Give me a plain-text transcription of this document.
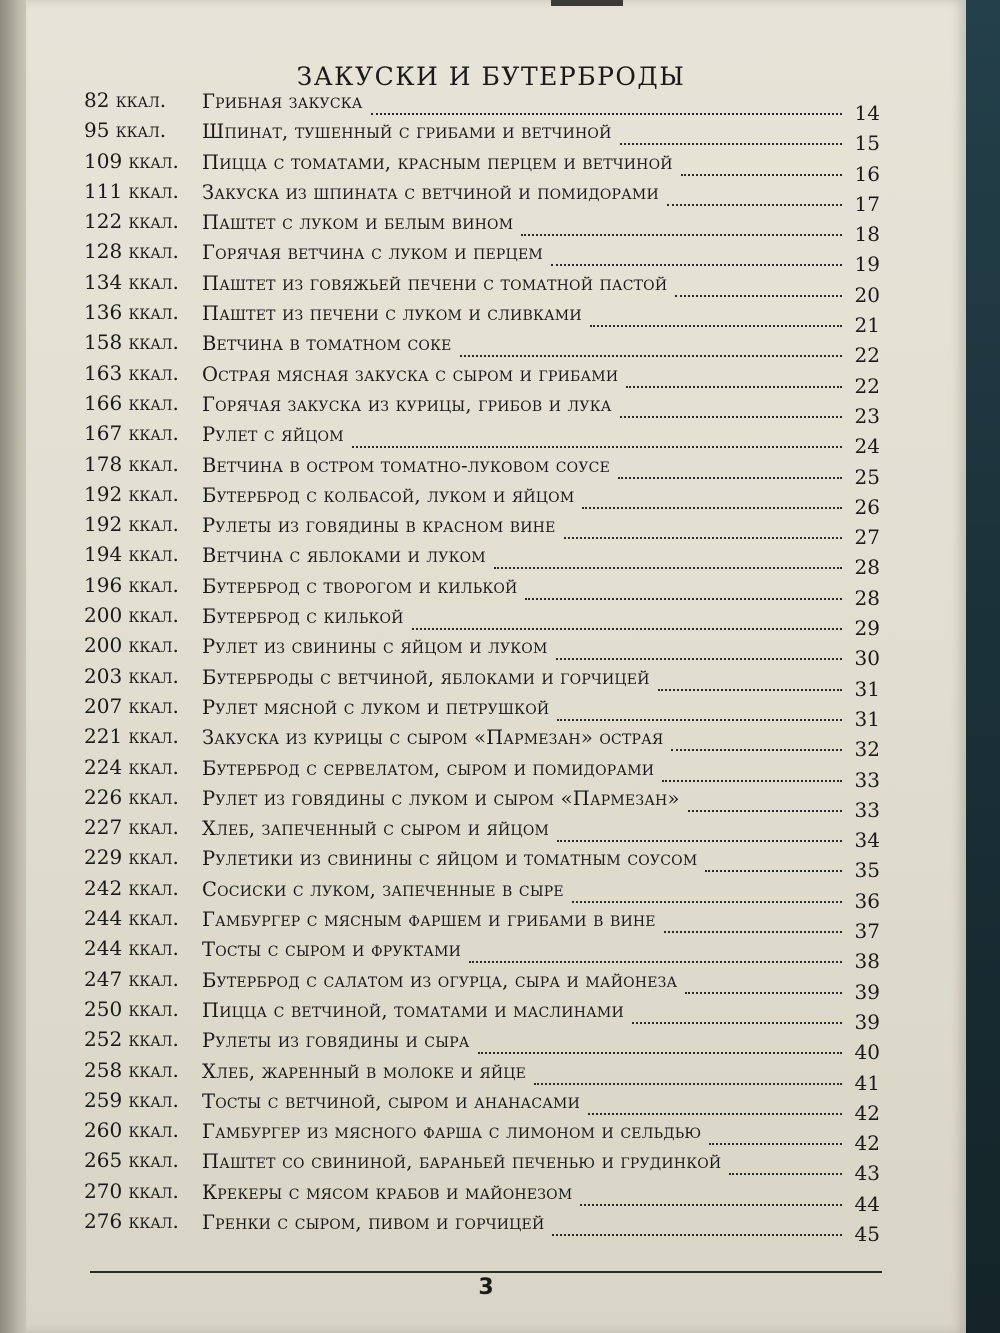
ЗАКУСКИ И БУТЕРБРОДЫ
82 ккал. Грибная закуска	14
95 ккал. Шпинат, тушенный с грибами и ветчиной	15
109 ккал. Пицца с томатами, красным перцем и ветчиной	16
111 ккал. Закуска из шпината с ветчиной и помидорами	17
122 ккал. Паштет с луком и белым вином	18
128 ккал. Горячая ветчина с луком и перцем	19
134 ккал. Паштет из говяжьей печени с томатной пастой	20
136 ккал. Паштет из печени с луком и сливками	21
158 ккал. Ветчина в томатном соке	22
163 ккал. Острая мясная закуска с сыром и грибами	22
166 ккал. Горячая закуска из курицы, грибов и лука	23
167 ккал. Рулет с яйцом	24
178 ккал. Ветчина в остром томатно-луковом соусе	25
192 ккал. Бутерброд с колбасой, луком и яйцом	26
192 ккал. Рулеты из говядины в красном вине	27
194 ккал. Ветчина с яблоками и луком	28
196 ккал. Бутерброд с творогом и килькой	28
200 ккал. Бутерброд с килькой	29
200 ккал. Рулет из свинины с яйцом и луком	30
203 ккал. Бутерброды с ветчиной, яблоками и горчицей	31
207 ккал. Рулет мясной с луком и петрушкой	31
221 ккал. Закуска из курицы с сыром «Пармезан» острая	32
224 ккал. Бутерброд с сервелатом, сыром и помидорами	33
226 ккал. Рулет из говядины с луком и сыром «Пармезан»	33
227 ккал. Хлеб, запеченный с сыром и яйцом	34
229 ккал. Рулетики из свинины с яйцом и томатным соусом	35
242 ккал. Сосиски с луком, запеченные в сыре	36
244 ккал. Гамбургер с мясным фаршем и грибами в вине	37
244 ккал. Тосты с сыром и фруктами	38
247 ккал. Бутерброд с салатом из огурца, сыра и майонеза	39
250 ккал. Пицца с ветчиной, томатами и маслинами	39
252 ккал. Рулеты из говядины и сыра	40
258 ккал. Хлеб, жаренный в молоке и яйце	41
259 ккал. Тосты с ветчиной, сыром и ананасами	42
260 ккал. Гамбургер из мясного фарша с лимоном и сельдью	42
265 ккал. Паштет со свининой, бараньей печенью и грудинкой	43
270 ккал. Крекеры с мясом крабов и майонезом	44
276 ккал. Гренки с сыром, пивом и горчицей	45
3
